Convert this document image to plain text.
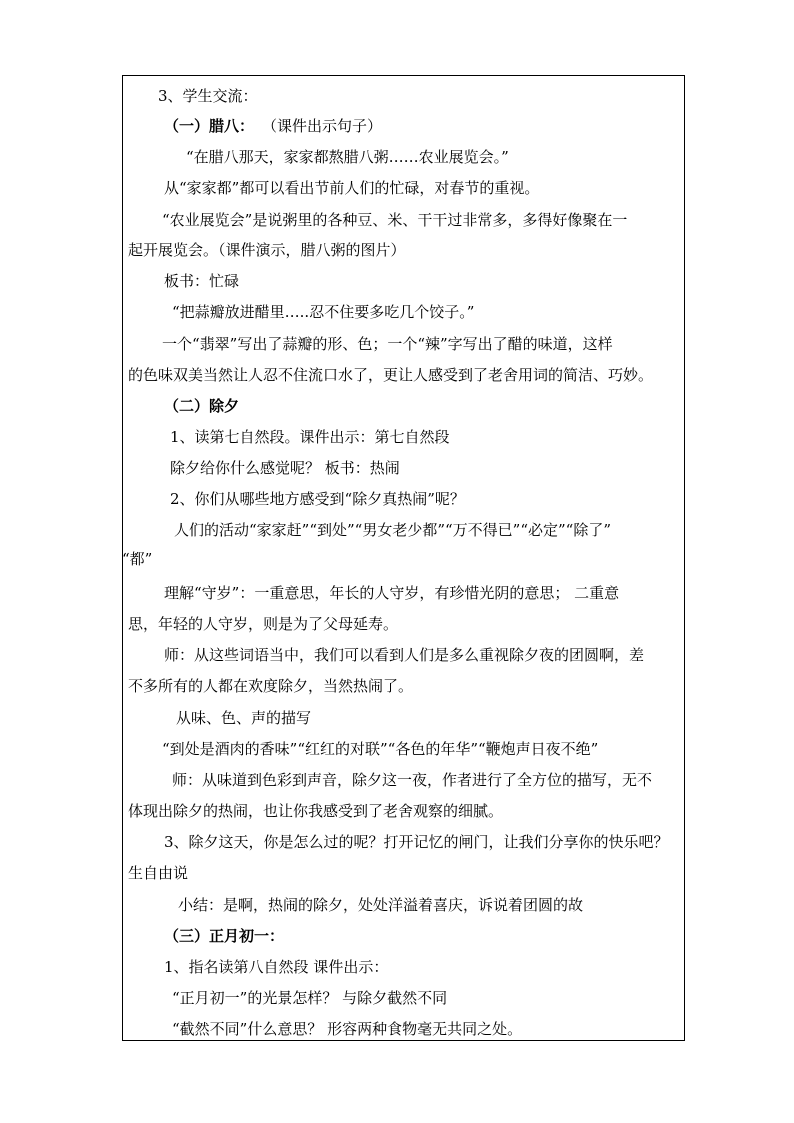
3、学生交流：
（一）腊八： （课件出示句子）
“在腊八那天，家家都熬腊八粥……农业展览会。”
从“家家都”都可以看出节前人们的忙碌，对春节的重视。
“农业展览会”是说粥里的各种豆、米、干干过非常多，多得好像聚在一
起开展览会。（课件演示，腊八粥的图片）
板书：忙碌
“把蒜瓣放进醋里…..忍不住要多吃几个饺子。”
一个“翡翠”写出了蒜瓣的形、色；一个“辣”字写出了醋的味道，这样
的色味双美当然让人忍不住流口水了，更让人感受到了老舍用词的简洁、巧妙。
（二）除夕
1、读第七自然段。课件出示：第七自然段
除夕给你什么感觉呢？ 板书：热闹
2、你们从哪些地方感受到“除夕真热闹”呢？
人们的活动“家家赶”“到处”“男女老少都”“万不得已”“必定”“除了”
“都”
理解“守岁”：一重意思，年长的人守岁，有珍惜光阴的意思； 二重意
思，年轻的人守岁，则是为了父母延寿。
师：从这些词语当中，我们可以看到人们是多么重视除夕夜的团圆啊，差
不多所有的人都在欢度除夕，当然热闹了。
从味、色、声的描写
“到处是酒肉的香味”“红红的对联”“各色的年华”“鞭炮声日夜不绝”
师：从味道到色彩到声音，除夕这一夜，作者进行了全方位的描写，无不
体现出除夕的热闹，也让你我感受到了老舍观察的细腻。
3、除夕这天，你是怎么过的呢？打开记忆的闸门，让我们分享你的快乐吧？
生自由说
小结：是啊，热闹的除夕，处处洋溢着喜庆，诉说着团圆的故
（三）正月初一：
1、指名读第八自然段 课件出示：
“正月初一”的光景怎样？ 与除夕截然不同
“截然不同”什么意思？ 形容两种食物毫无共同之处。
